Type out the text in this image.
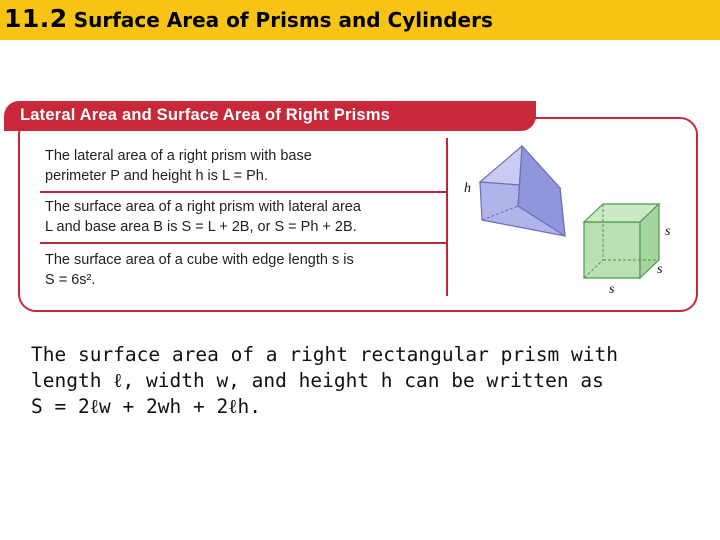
11.2 Surface Area of Prisms and Cylinders
Lateral Area and Surface Area of Right Prisms
The lateral area of a right prism with base
perimeter P and height h is L = Ph.
The surface area of a right prism with lateral area
L and base area B is S = L + 2B, or S = Ph + 2B.
The surface area of a cube with edge length s is
S = 6s².
h
s
s
s
The surface area of a right rectangular prism with
length ℓ, width w, and height h can be written as
S = 2ℓw + 2wh + 2ℓh.
